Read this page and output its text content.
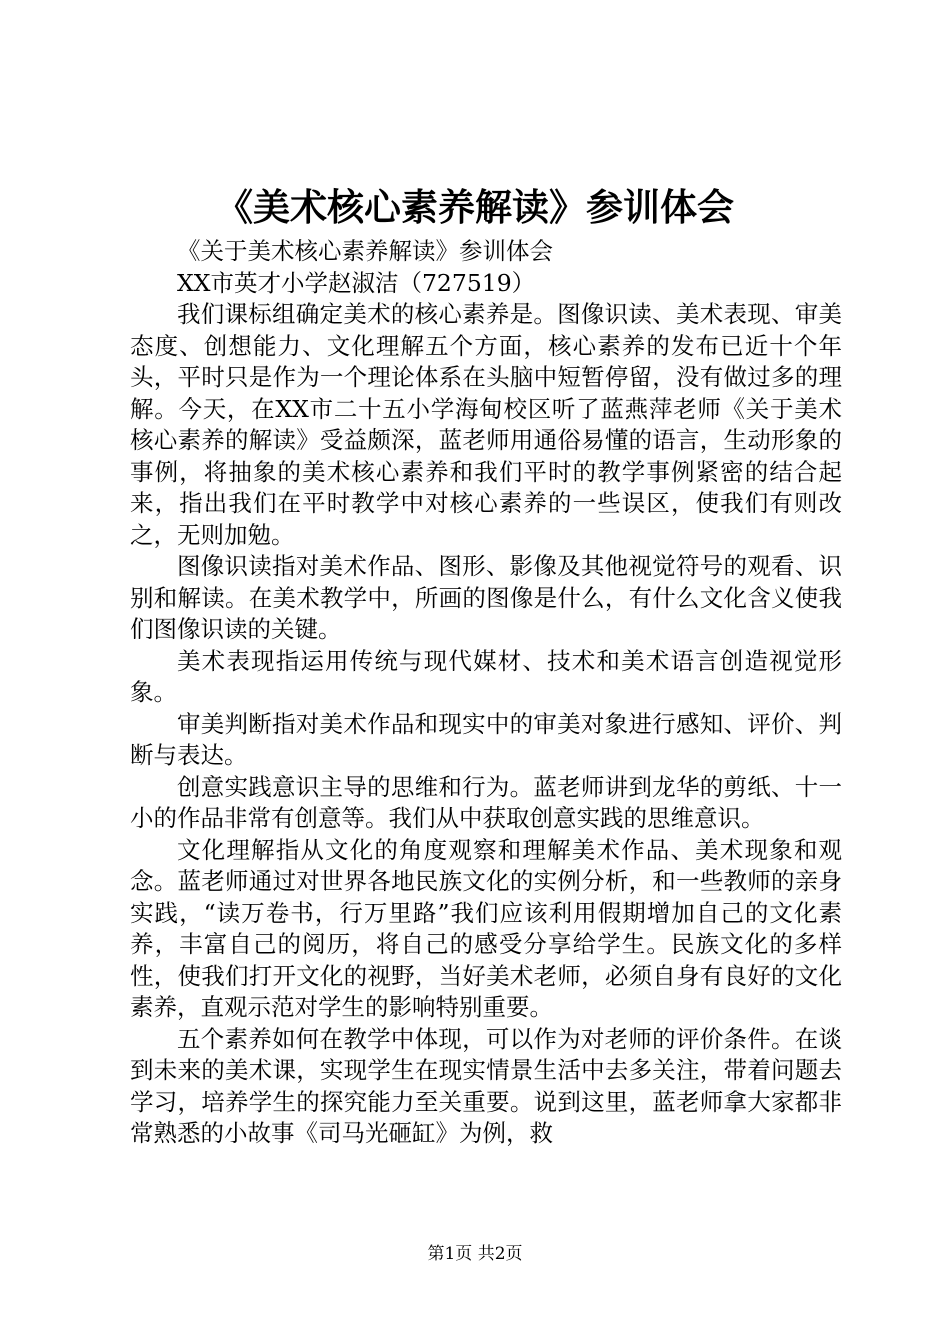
《美术核心素养解读》参训体会

《关于美术核心素养解读》参训体会

XX市英才小学赵淑洁（727519）

我们课标组确定美术的核心素养是。图像识读、美术表现、审美态度、创想能力、文化理解五个方面，核心素养的发布已近十个年头，平时只是作为一个理论体系在头脑中短暂停留，没有做过多的理解。今天，在XX市二十五小学海甸校区听了蓝燕萍老师《关于美术核心素养的解读》受益颇深，蓝老师用通俗易懂的语言，生动形象的事例，将抽象的美术核心素养和我们平时的教学事例紧密的结合起来，指出我们在平时教学中对核心素养的一些误区，使我们有则改之，无则加勉。

图像识读指对美术作品、图形、影像及其他视觉符号的观看、识别和解读。在美术教学中，所画的图像是什么，有什么文化含义使我们图像识读的关键。

美术表现指运用传统与现代媒材、技术和美术语言创造视觉形象。

审美判断指对美术作品和现实中的审美对象进行感知、评价、判断与表达。

创意实践意识主导的思维和行为。蓝老师讲到龙华的剪纸、十一小的作品非常有创意等。我们从中获取创意实践的思维意识。

文化理解指从文化的角度观察和理解美术作品、美术现象和观念。蓝老师通过对世界各地民族文化的实例分析，和一些教师的亲身实践，“读万卷书，行万里路”我们应该利用假期增加自己的文化素养，丰富自己的阅历，将自己的感受分享给学生。民族文化的多样性，使我们打开文化的视野，当好美术老师，必须自身有良好的文化素养，直观示范对学生的影响特别重要。

五个素养如何在教学中体现，可以作为对老师的评价条件。在谈到未来的美术课，实现学生在现实情景生活中去多关注，带着问题去学习，培养学生的探究能力至关重要。说到这里，蓝老师拿大家都非常熟悉的小故事《司马光砸缸》为例，救

第1页 共2页
